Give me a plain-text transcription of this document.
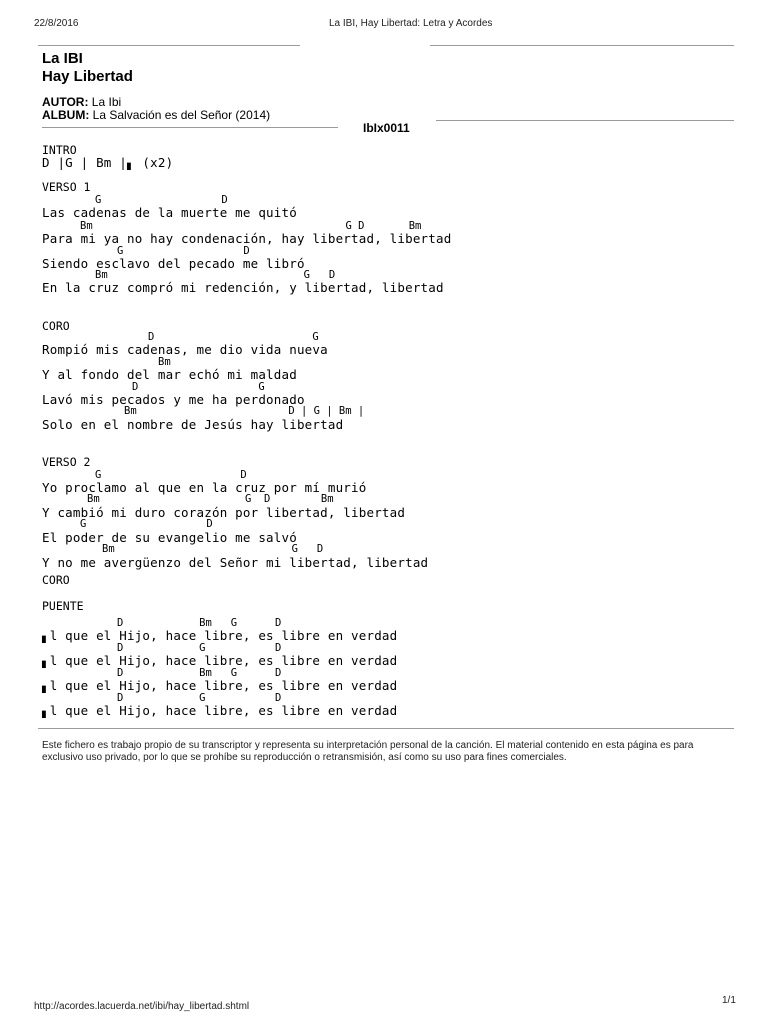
22/8/2016	La IBI, Hay Libertad: Letra y Acordes
La IBI
Hay Libertad
AUTOR: La Ibi
ALBUM: La Salvación es del Señor (2014)
IbIx0011
INTRO
D |G | Bm |▖ (x2)
VERSO 1
G                   D
Las cadenas de la muerte me quitó
Bm                                        G D       Bm
Para mi ya no hay condenación, hay libertad, libertad
G                   D
Siendo esclavo del pecado me libró
Bm                               G   D
En la cruz compró mi redención, y libertad, libertad
CORO
D                         G
Rompió mis cadenas, me dio vida nueva
Bm
Y al fondo del mar echó mi maldad
D                   G
Lavó mis pecados y me ha perdonado
Bm                        D | G | Bm |
Solo en el nombre de Jesús hay libertad
VERSO 2
G                      D
Yo proclamo al que en la cruz por mí murió
Bm                       G  D        Bm
Y cambió mi duro corazón por libertad, libertad
G                   D
El poder de su evangelio me salvó
Bm                            G   D
Y no me avergüenzo del Señor mi libertad, libertad
CORO
PUENTE
D            Bm   G      D
▖l que el Hijo, hace libre, es libre en verdad
D            G           D
▖l que el Hijo, hace libre, es libre en verdad
D            Bm   G      D
▖l que el Hijo, hace libre, es libre en verdad
D            G           D
▖l que el Hijo, hace libre, es libre en verdad
Este fichero es trabajo propio de su transcriptor y representa su interpretación personal de la canción. El material contenido en esta página es para exclusivo uso privado, por lo que se prohíbe su reproducción o retransmisión, así como su uso para fines comerciales.
http://acordes.lacuerda.net/ibi/hay_libertad.shtml
1/1
